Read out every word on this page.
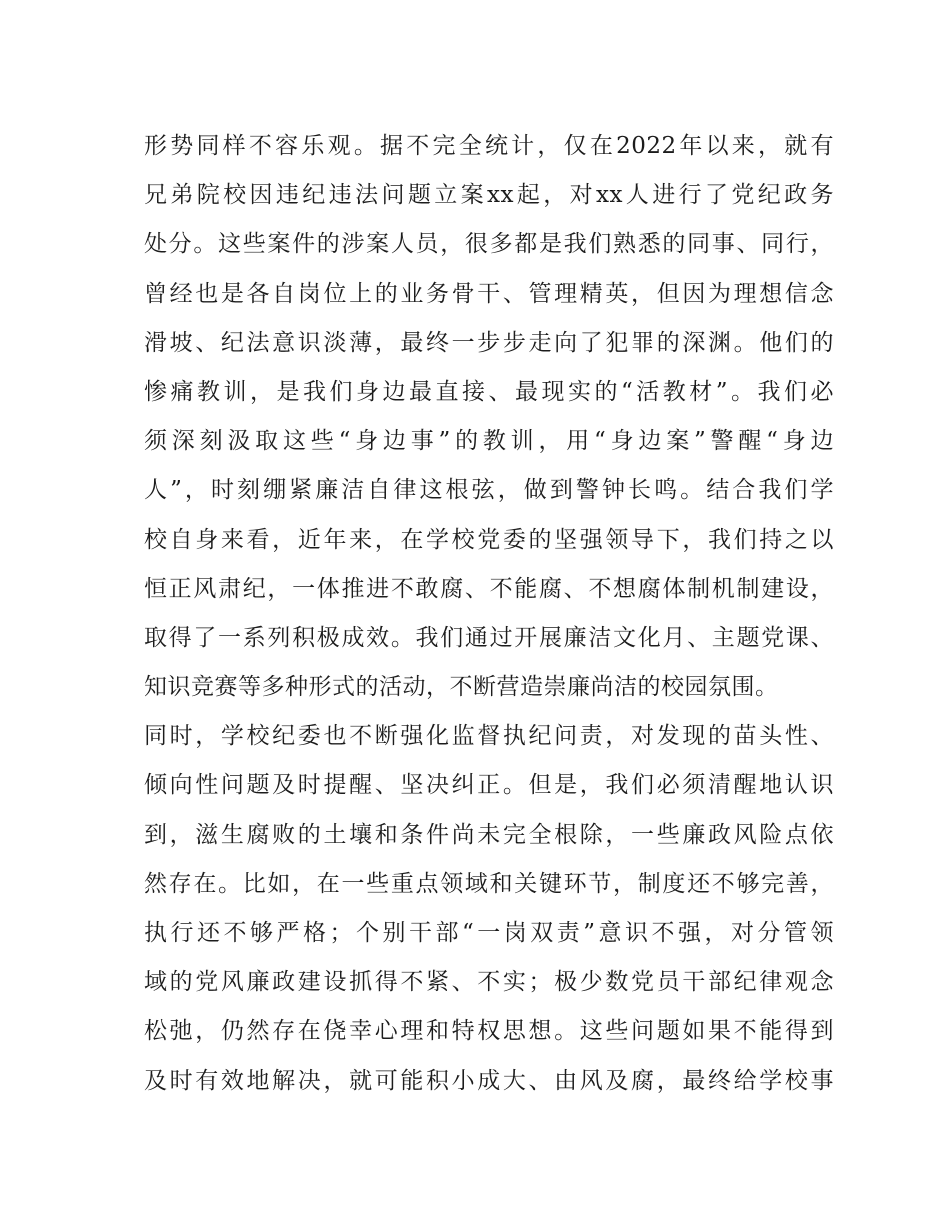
形势同样不容乐观。据不完全统计，仅在2022年以来，就有
兄弟院校因违纪违法问题立案xx起，对xx人进行了党纪政务
处分。这些案件的涉案人员，很多都是我们熟悉的同事、同行，
曾经也是各自岗位上的业务骨干、管理精英，但因为理想信念
滑坡、纪法意识淡薄，最终一步步走向了犯罪的深渊。他们的
惨痛教训，是我们身边最直接、最现实的“活教材”。我们必
须深刻汲取这些“身边事”的教训，用“身边案”警醒“身边
人”，时刻绷紧廉洁自律这根弦，做到警钟长鸣。结合我们学
校自身来看，近年来，在学校党委的坚强领导下，我们持之以
恒正风肃纪，一体推进不敢腐、不能腐、不想腐体制机制建设，
取得了一系列积极成效。我们通过开展廉洁文化月、主题党课、
知识竞赛等多种形式的活动，不断营造崇廉尚洁的校园氛围。
同时，学校纪委也不断强化监督执纪问责，对发现的苗头性、
倾向性问题及时提醒、坚决纠正。但是，我们必须清醒地认识
到，滋生腐败的土壤和条件尚未完全根除，一些廉政风险点依
然存在。比如，在一些重点领域和关键环节，制度还不够完善，
执行还不够严格；个别干部“一岗双责”意识不强，对分管领
域的党风廉政建设抓得不紧、不实；极少数党员干部纪律观念
松弛，仍然存在侥幸心理和特权思想。这些问题如果不能得到
及时有效地解决，就可能积小成大、由风及腐，最终给学校事
